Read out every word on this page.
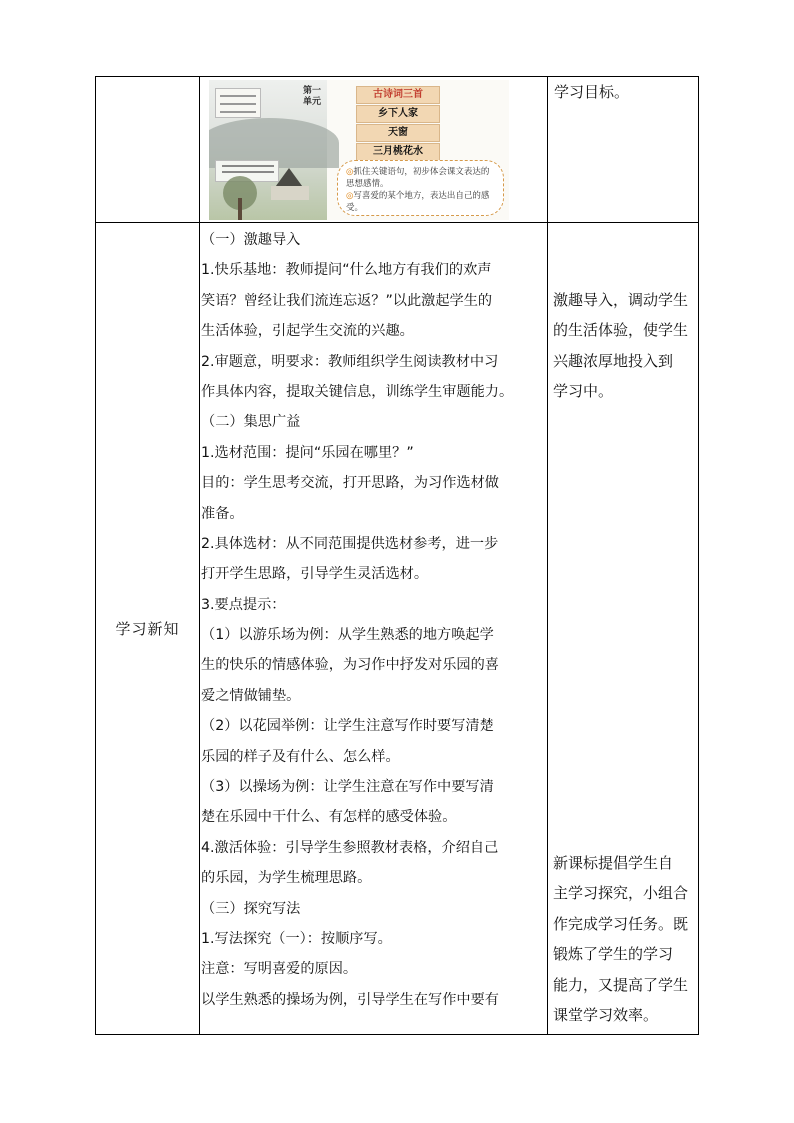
第一单元
古诗词三首
乡下人家
天窗
三月桃花水
◎抓住关键语句，初步体会课文表达的
思想感情。
◎写喜爱的某个地方，表达出自己的感
受。
学习目标。
学习新知
（一）激趣导入
1.快乐基地：教师提问“什么地方有我们的欢声
笑语？曾经让我们流连忘返？”以此激起学生的
生活体验，引起学生交流的兴趣。
2.审题意，明要求：教师组织学生阅读教材中习
作具体内容，提取关键信息，训练学生审题能力。
（二）集思广益
1.选材范围：提问“乐园在哪里？”
目的：学生思考交流，打开思路，为习作选材做
准备。
2.具体选材：从不同范围提供选材参考，进一步
打开学生思路，引导学生灵活选材。
3.要点提示：
（1）以游乐场为例：从学生熟悉的地方唤起学
生的快乐的情感体验，为习作中抒发对乐园的喜
爱之情做铺垫。
（2）以花园举例：让学生注意写作时要写清楚
乐园的样子及有什么、怎么样。
（3）以操场为例：让学生注意在写作中要写清
楚在乐园中干什么、有怎样的感受体验。
4.激活体验：引导学生参照教材表格，介绍自己
的乐园，为学生梳理思路。
（三）探究写法
1.写法探究（一）：按顺序写。
注意：写明喜爱的原因。
以学生熟悉的操场为例，引导学生在写作中要有
激趣导入，调动学生
的生活体验，使学生
兴趣浓厚地投入到
学习中。
新课标提倡学生自
主学习探究，小组合
作完成学习任务。既
锻炼了学生的学习
能力，又提高了学生
课堂学习效率。
